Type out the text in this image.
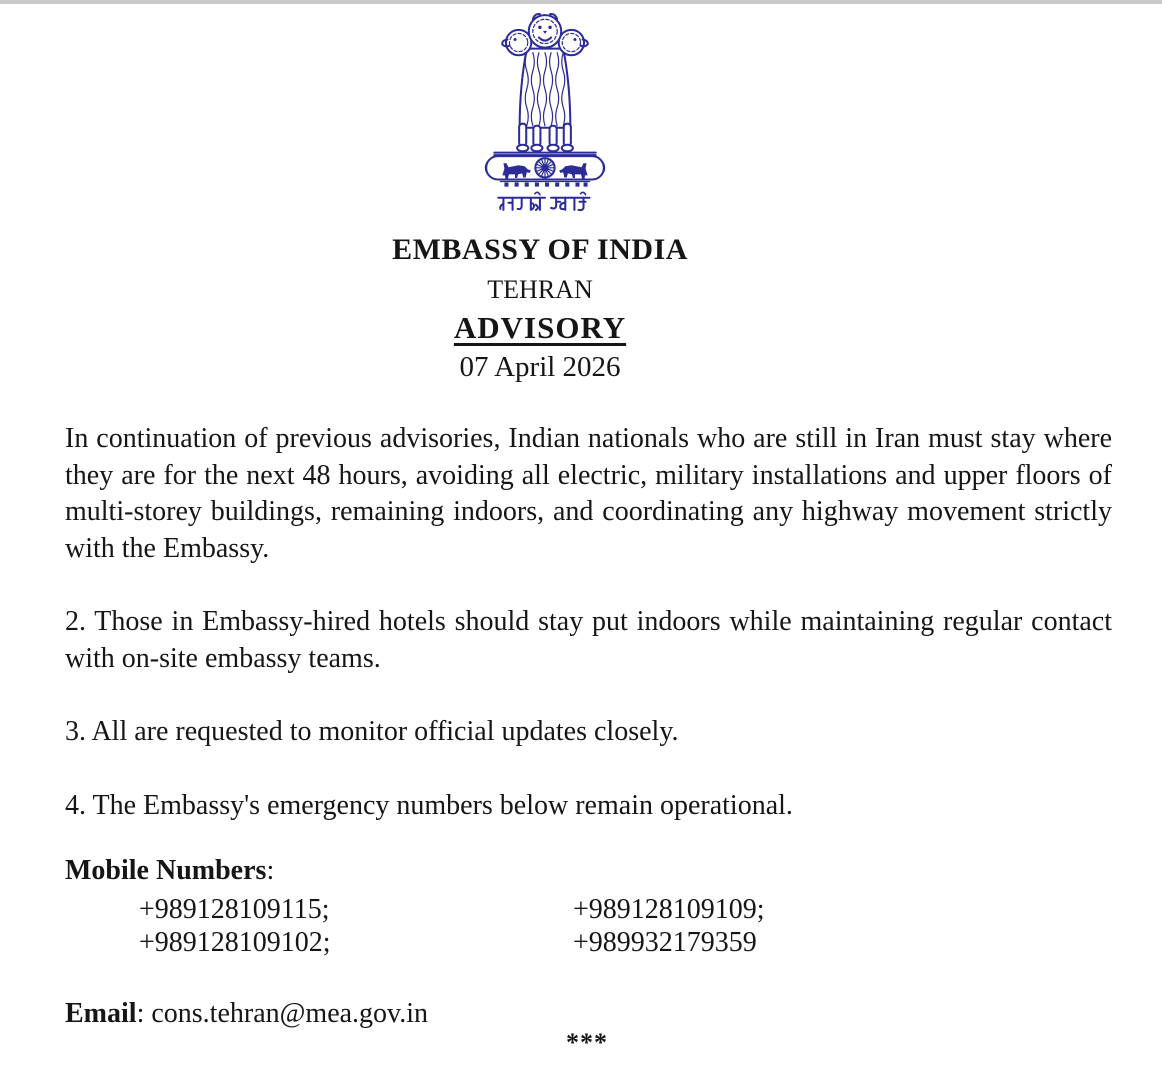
EMBASSY OF INDIA
TEHRAN
ADVISORY
07 April 2026

In continuation of previous advisories, Indian nationals who are still in Iran must stay where they are for the next 48 hours, avoiding all electric, military installations and upper floors of multi-storey buildings, remaining indoors, and coordinating any highway movement strictly with the Embassy.

2. Those in Embassy-hired hotels should stay put indoors while maintaining regular contact with on-site embassy teams.

3. All are requested to monitor official updates closely.

4. The Embassy's emergency numbers below remain operational.

Mobile Numbers:
+989128109115;	+989128109109;
+989128109102;	+989932179359
Email: cons.tehran@mea.gov.in
***
